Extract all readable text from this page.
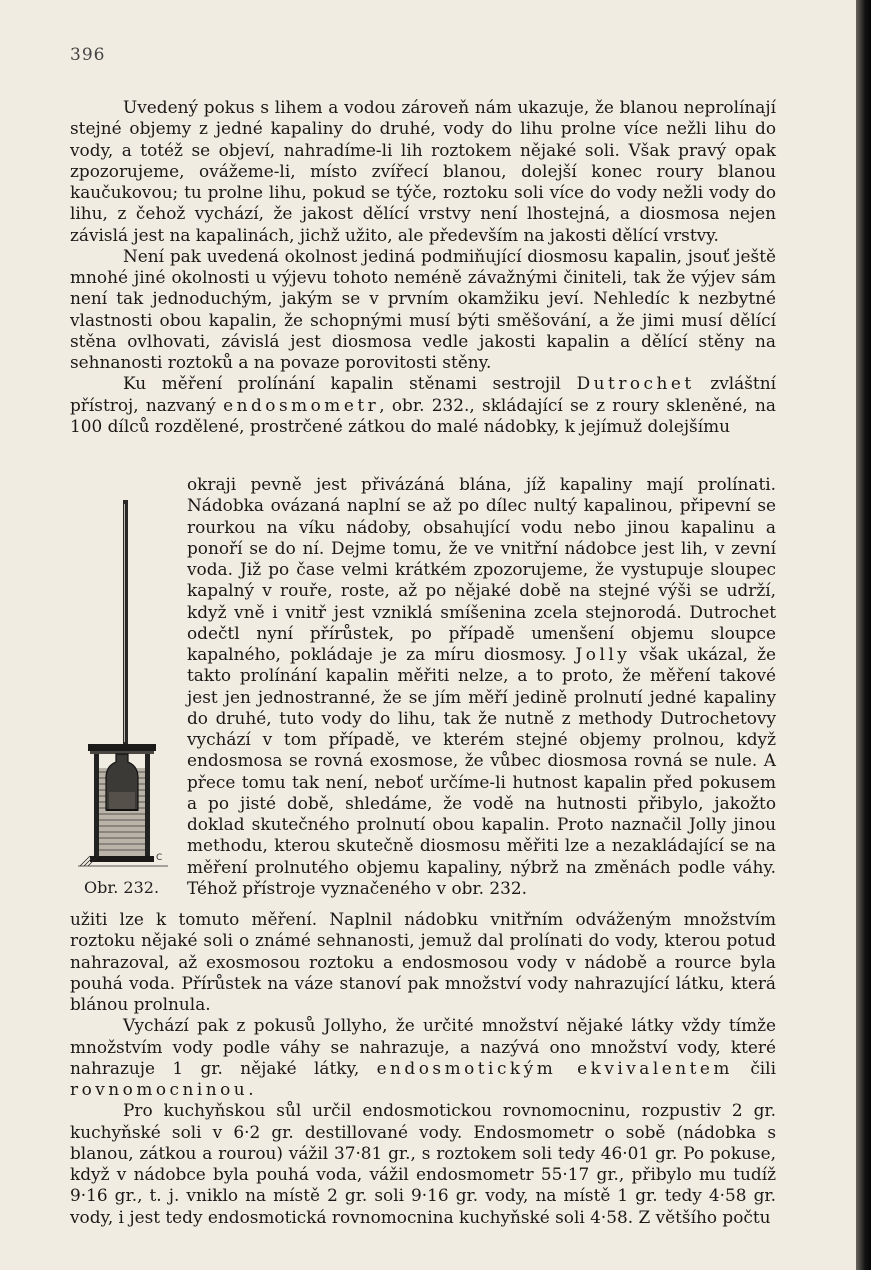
396

Uvedený pokus s lihem a vodou zároveň nám ukazuje, že blanou neprolínají stejné objemy z jedné kapaliny do druhé, vody do lihu prolne více nežli lihu do vody, a totéž se objeví, nahradíme-li lih roztokem nějaké soli. Však pravý opak zpozorujeme, ovážeme-li, místo zvířecí blanou, dolejší konec roury blanou kaučukovou; tu prolne lihu, pokud se týče, roztoku soli více do vody nežli vody do lihu, z čehož vychází, že jakost dělící vrstvy není lhostejná, a diosmosa nejen závislá jest na kapalinách, jichž užito, ale především na jakosti dělící vrstvy.

Není pak uvedená okolnost jediná podmiňující diosmosu kapalin, jsouť ještě mnohé jiné okolnosti u výjevu tohoto neméně závažnými činiteli, tak že výjev sám není tak jednoduchým, jakým se v prvním okamžiku jeví. Nehledíc k nezbytné vlastnosti obou kapalin, že schopnými musí býti směšování, a že jimi musí dělící stěna ovlhovati, závislá jest diosmosa vedle jakosti kapalin a dělící stěny na sehnanosti roztoků a na povaze porovitosti stěny.

Ku měření prolínání kapalin stěnami sestrojil Dutrochet zvláštní přístroj, nazvaný endosmometr, obr. 232., skládající se z roury skleněné, na 100 dílců rozdělené, prostrčené zátkou do malé nádobky, k jejímuž dolejšímu

C
Obr. 232.

okraji pevně jest přivázáná blána, jíž kapaliny mají prolínati. Nádobka ovázaná naplní se až po dílec nultý kapalinou, připevní se rourkou na víku nádoby, obsahující vodu nebo jinou kapalinu a ponoří se do ní. Dejme tomu, že ve vnitřní nádobce jest lih, v zevní voda. Již po čase velmi krátkém zpozorujeme, že vystupuje sloupec kapalný v rouře, roste, až po nějaké době na stejné výši se udrží, když vně i vnitř jest vzniklá smíšenina zcela stejnorodá. Dutrochet odečtl nyní přírůstek, po případě umenšení objemu sloupce kapalného, pokládaje je za míru diosmosy. Jolly však ukázal, že takto prolínání kapalin měřiti nelze, a to proto, že měření takové jest jen jednostranné, že se jím měří jedině prolnutí jedné kapaliny do druhé, tuto vody do lihu, tak že nutně z methody Dutrochetovy vychází v tom případě, ve kterém stejné objemy prolnou, když endosmosa se rovná exosmose, že vůbec diosmosa rovná se nule. A přece tomu tak není, neboť určíme-li hutnost kapalin před pokusem a po jisté době, shledáme, že vodě na hutnosti přibylo, jakožto doklad skutečného prolnutí obou kapalin. Proto naznačil Jolly jinou methodu, kterou skutečně diosmosu měřiti lze a nezakládající se na měření prolnutého objemu kapaliny, nýbrž na změnách podle váhy. Téhož přístroje vyznačeného v obr. 232.

užiti lze k tomuto měření. Naplnil nádobku vnitřním odváženým množstvím roztoku nějaké soli o známé sehnanosti, jemuž dal prolínati do vody, kterou potud nahrazoval, až exosmosou roztoku a endosmosou vody v nádobě a rource byla pouhá voda. Přírůstek na váze stanoví pak množství vody nahrazující látku, která blánou prolnula.

Vychází pak z pokusů Jollyho, že určité množství nějaké látky vždy tímže množstvím vody podle váhy se nahrazuje, a nazývá ono množství vody, které nahrazuje 1 gr. nějaké látky, endosmotickým ekvivalentem čili rovnomocninou.

Pro kuchyňskou sůl určil endosmotickou rovnomocninu, rozpustiv 2 gr. kuchyňské soli v 6·2 gr. destillované vody. Endosmometr o sobě (nádobka s blanou, zátkou a rourou) vážil 37·81 gr., s roztokem soli tedy 46·01 gr. Po pokuse, když v nádobce byla pouhá voda, vážil endosmometr 55·17 gr., přibylo mu tudíž 9·16 gr., t. j. vniklo na místě 2 gr. soli 9·16 gr. vody, na místě 1 gr. tedy 4·58 gr. vody, i jest tedy endosmotická rovnomocnina kuchyňské soli 4·58. Z většího počtu
